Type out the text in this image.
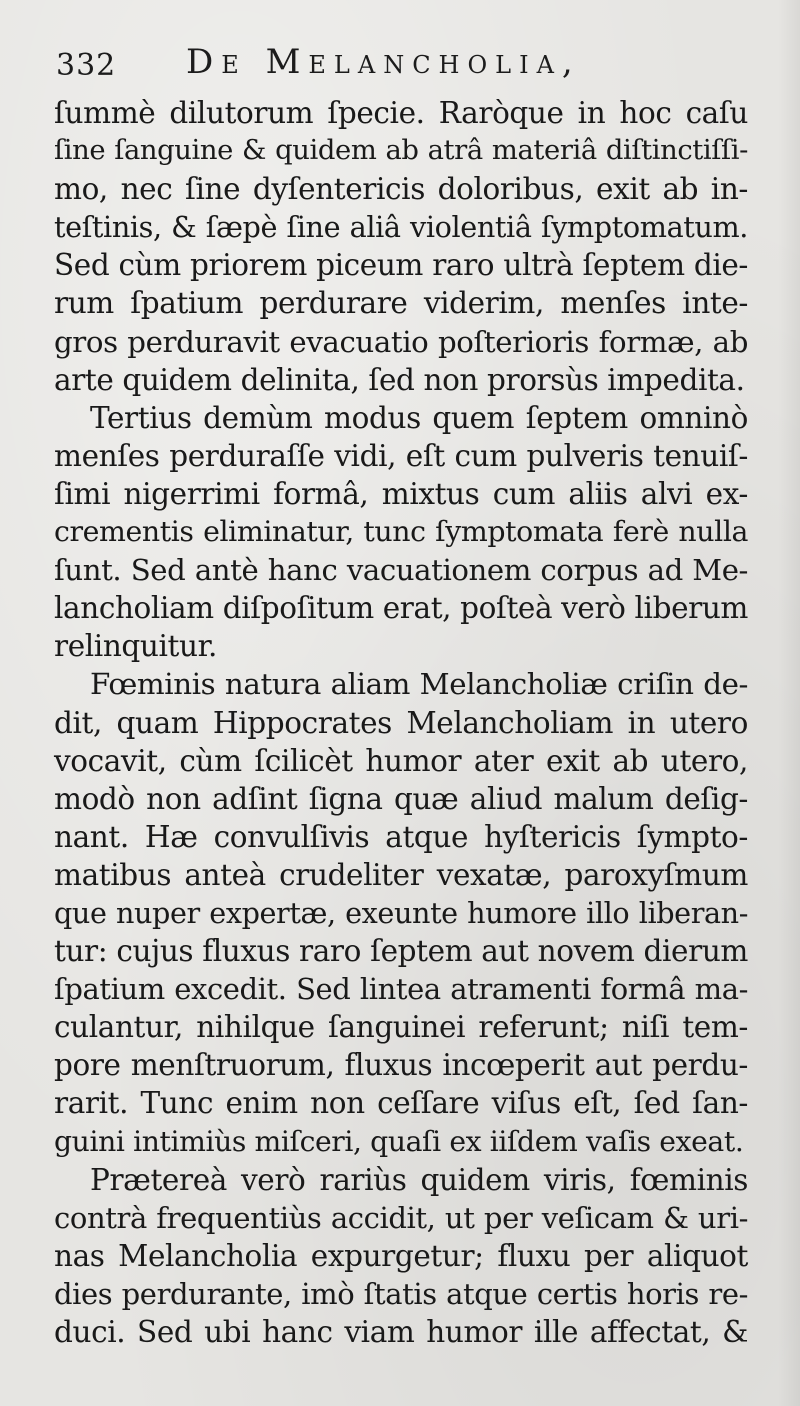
332 De Melancholia,
ſummè dilutorum ſpecie. Raròque in hoc caſu
ſine ſanguine & quidem ab atrâ materiâ diſtinctiſſi-
mo, nec ſine dyſentericis doloribus, exit ab in-
teſtinis, & ſæpè ſine aliâ violentiâ ſymptomatum.
Sed cùm priorem piceum raro ultrà ſeptem die-
rum ſpatium perdurare viderim, menſes inte-
gros perduravit evacuatio poſterioris formæ, ab
arte quidem delinita, ſed non prorsùs impedita.
Tertius demùm modus quem ſeptem omninò
menſes perduraſſe vidi, eſt cum pulveris tenuiſ-
ſimi nigerrimi formâ, mixtus cum aliis alvi ex-
crementis eliminatur, tunc ſymptomata ferè nulla
ſunt. Sed antè hanc vacuationem corpus ad Me-
lancholiam diſpoſitum erat, poſteà verò liberum
relinquitur.
Fœminis natura aliam Melancholiæ criſin de-
dit, quam Hippocrates Melancholiam in utero
vocavit, cùm ſcilicèt humor ater exit ab utero,
modò non adſint ſigna quæ aliud malum deſig-
nant. Hæ convulſivis atque hyſtericis ſympto-
matibus anteà crudeliter vexatæ, paroxyſmum
que nuper expertæ, exeunte humore illo liberan-
tur: cujus fluxus raro ſeptem aut novem dierum
ſpatium excedit. Sed lintea atramenti formâ ma-
culantur, nihilque ſanguinei referunt; niſi tem-
pore menſtruorum, fluxus incœperit aut perdu-
rarit. Tunc enim non ceſſare viſus eſt, ſed ſan-
guini intimiùs miſceri, quaſi ex iiſdem vaſis exeat.
Prætereà verò rariùs quidem viris, fœminis
contrà frequentiùs accidit, ut per veſicam & uri-
nas Melancholia expurgetur; fluxu per aliquot
dies perdurante, imò ſtatis atque certis horis re-
duci. Sed ubi hanc viam humor ille affectat, &
